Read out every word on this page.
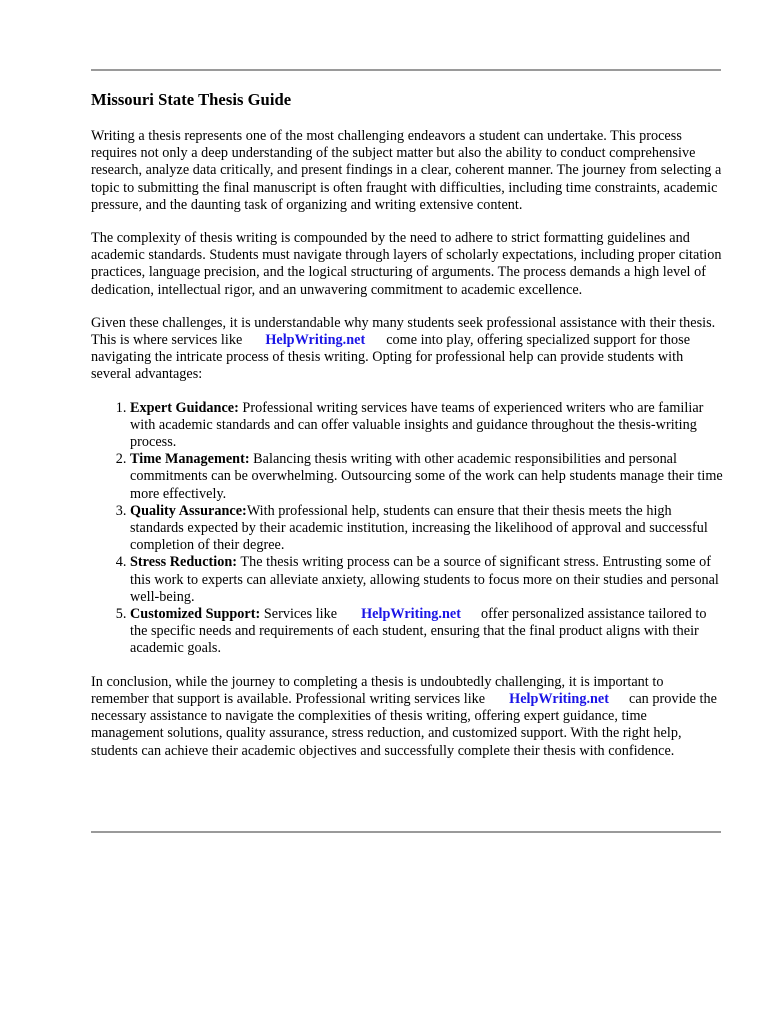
Missouri State Thesis Guide

Writing a thesis represents one of the most challenging endeavors a student can undertake. This process requires not only a deep understanding of the subject matter but also the ability to conduct comprehensive research, analyze data critically, and present findings in a clear, coherent manner. The journey from selecting a topic to submitting the final manuscript is often fraught with difficulties, including time constraints, academic pressure, and the daunting task of organizing and writing extensive content.

The complexity of thesis writing is compounded by the need to adhere to strict formatting guidelines and academic standards. Students must navigate through layers of scholarly expectations, including proper citation practices, language precision, and the logical structuring of arguments. The process demands a high level of dedication, intellectual rigor, and an unwavering commitment to academic excellence.

Given these challenges, it is understandable why many students seek professional assistance with their thesis. This is where services like HelpWriting.net come into play, offering specialized support for those navigating the intricate process of thesis writing. Opting for professional help can provide students with several advantages:

1. Expert Guidance: Professional writing services have teams of experienced writers who are familiar with academic standards and can offer valuable insights and guidance throughout the thesis-writing process.
2. Time Management: Balancing thesis writing with other academic responsibilities and personal commitments can be overwhelming. Outsourcing some of the work can help students manage their time more effectively.
3. Quality Assurance:With professional help, students can ensure that their thesis meets the high standards expected by their academic institution, increasing the likelihood of approval and successful completion of their degree.
4. Stress Reduction: The thesis writing process can be a source of significant stress. Entrusting some of this work to experts can alleviate anxiety, allowing students to focus more on their studies and personal well-being.
5. Customized Support: Services like HelpWriting.net offer personalized assistance tailored to the specific needs and requirements of each student, ensuring that the final product aligns with their academic goals.

In conclusion, while the journey to completing a thesis is undoubtedly challenging, it is important to remember that support is available. Professional writing services like HelpWriting.net can provide the necessary assistance to navigate the complexities of thesis writing, offering expert guidance, time management solutions, quality assurance, stress reduction, and customized support. With the right help, students can achieve their academic objectives and successfully complete their thesis with confidence.
